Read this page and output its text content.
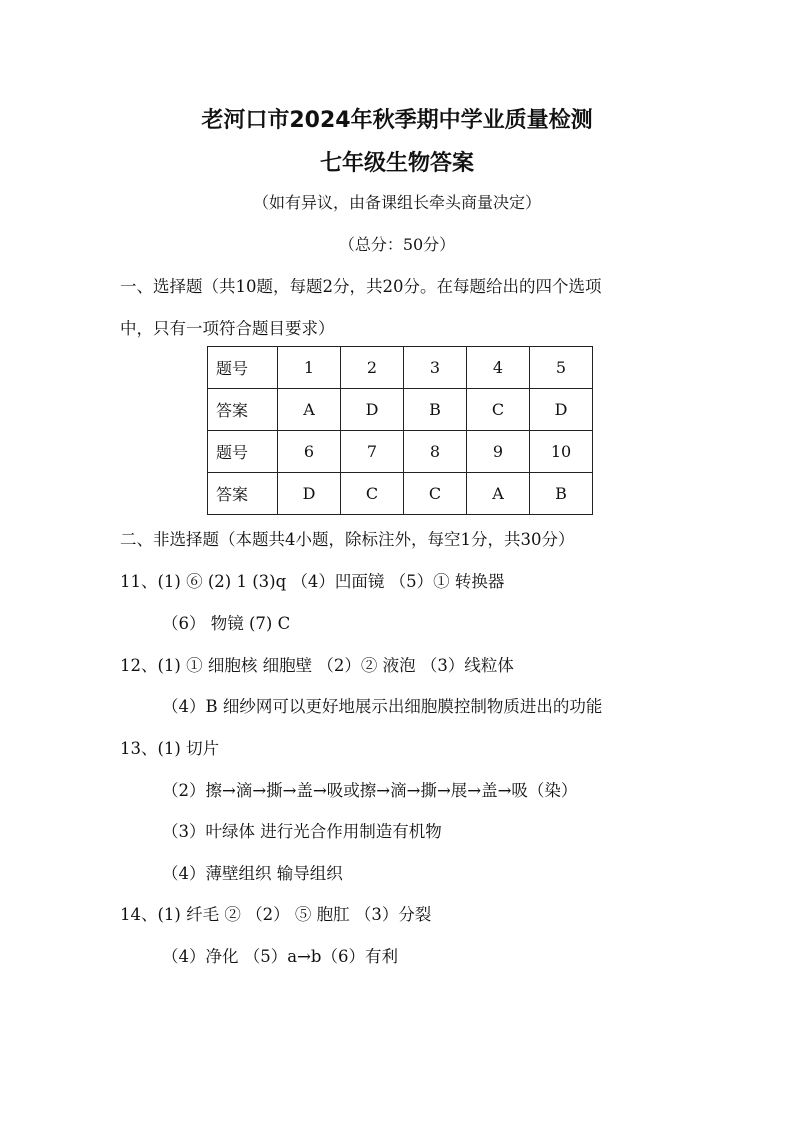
老河口市2024年秋季期中学业质量检测
七年级生物答案
（如有异议，由备课组长牵头商量决定）
（总分：50分）
一、选择题（共10题，每题2分，共20分。在每题给出的四个选项
中，只有一项符合题目要求）
题号	1	2	3	4	5
答案	A	D	B	C	D
题号	6	7	8	9	10
答案	D	C	C	A	B
二、非选择题（本题共4小题，除标注外，每空1分，共30分）
11、(1) ⑥ (2) 1 (3)q （4）凹面镜 （5）① 转换器
（6） 物镜 (7) C
12、(1) ① 细胞核 细胞壁 （2）② 液泡 （3）线粒体
（4）B 细纱网可以更好地展示出细胞膜控制物质进出的功能
13、(1) 切片
（2）擦→滴→撕→盖→吸或擦→滴→撕→展→盖→吸（染）
（3）叶绿体 进行光合作用制造有机物
（4）薄壁组织 输导组织
14、(1) 纤毛 ② （2） ⑤ 胞肛 （3）分裂
（4）净化 （5）a→b（6）有利
